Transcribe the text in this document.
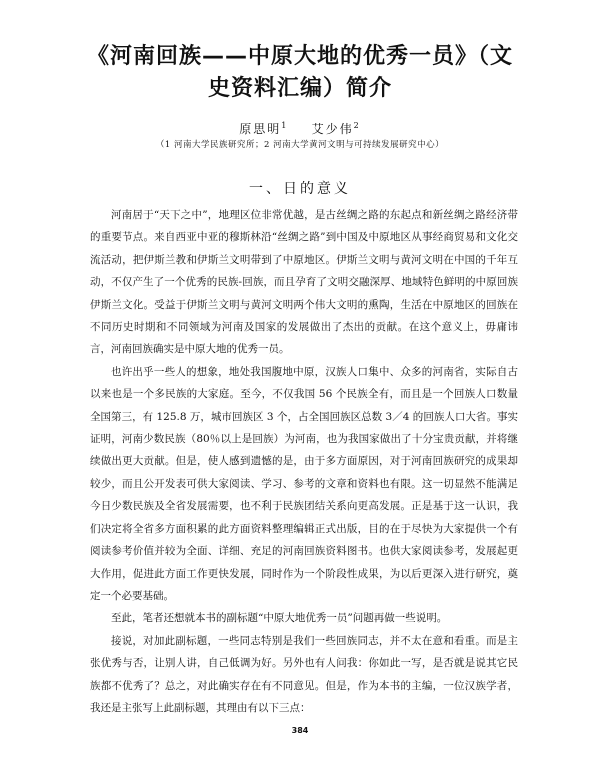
《河南回族——中原大地的优秀一员》（文
史资料汇编）简介
原思明$^1$ 艾少伟$^2$
（1 河南大学民族研究所；2 河南大学黄河文明与可持续发展研究中心）
一、日的意义

河南居于“天下之中”，地理区位非常优越，是古丝绸之路的东起点和新丝绸之路经济带的重要节点。来自西亚中亚的穆斯林沿“丝绸之路”到中国及中原地区从事经商贸易和文化交流活动，把伊斯兰教和伊斯兰文明带到了中原地区。伊斯兰文明与黄河文明在中国的千年互动，不仅产生了一个优秀的民族-回族，而且孕育了文明交融深厚、地域特色鲜明的中原回族伊斯兰文化。受益于伊斯兰文明与黄河文明两个伟大文明的熏陶，生活在中原地区的回族在不同历史时期和不同领域为河南及国家的发展做出了杰出的贡献。在这个意义上，毋庸讳言，河南回族确实是中原大地的优秀一员。

也许出乎一些人的想象，地处我国腹地中原，汉族人口集中、众多的河南省，实际自古以来也是一个多民族的大家庭。至今，不仅我国 56 个民族全有，而且是一个回族人口数量全国第三，有 125.8 万，城市回族区 3 个，占全国回族区总数 3／4 的回族人口大省。事实证明，河南少数民族（80％以上是回族）为河南，也为我国家做出了十分宝贵贡献，并将继续做出更大贡献。但是，使人感到遗憾的是，由于多方面原因，对于河南回族研究的成果却较少，而且公开发表可供大家阅读、学习、参考的文章和资料也有限。这一切显然不能满足今日少数民族及全省发展需要，也不利于民族团结关系向更高发展。正是基于这一认识，我们决定将全省多方面积累的此方面资料整理编辑正式出版，目的在于尽快为大家提供一个有阅读参考价值并较为全面、详细、充足的河南回族资料图书。也供大家阅读参考，发展起更大作用，促进此方面工作更快发展，同时作为一个阶段性成果，为以后更深入进行研究，奠定一个必要基础。

至此，笔者还想就本书的副标题“中原大地优秀一员”问题再做一些说明。

接说，对加此副标题，一些同志特别是我们一些回族同志，并不太在意和看重。而是主张优秀与否，让别人讲，自己低调为好。另外也有人问我：你如此一写，是否就是说其它民族都不优秀了？总之，对此确实存在有不同意见。但是，作为本书的主编，一位汉族学者，我还是主张写上此副标题，其理由有以下三点：

384
